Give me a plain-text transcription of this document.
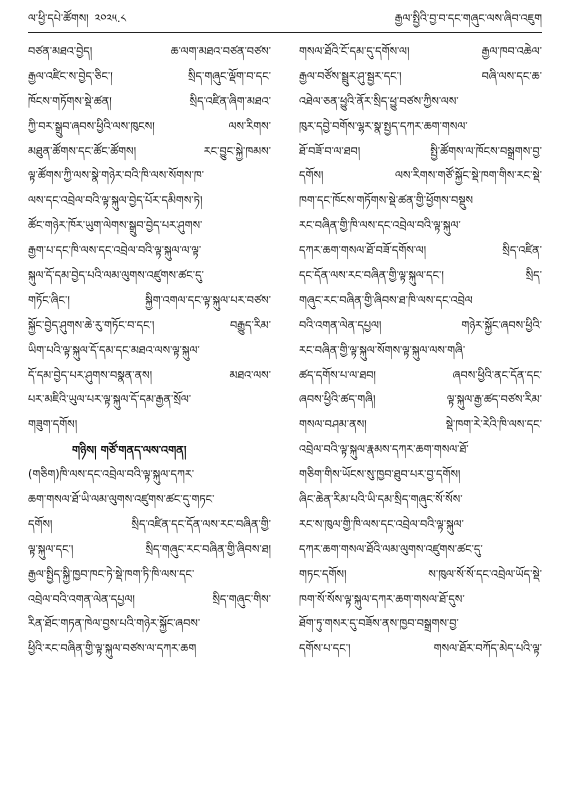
ལ་ཕྱི་དཔེ་ཚོགས། ༢༠༢༥.༨	རྒྱལ་སྤྱིའི་བྱ་བ་དང་གཞུང་ལས་ཞིབ་འཇུག
བཙན་མཐའ་བྱེད། ཆ་ལག་མཐའ་བཙན་བཙས་
རྒྱལ་འཛིང་ས་བྱེད་ཅིང་། སྲིད་གཞུང་ལྡོག་བ་དང་
ཁོངས་གཏོགས་སྡེ་ཚན། སྲིད་འཛིན་ཞིག་མཐའ་
ཀྱི་བར་སྒྲུབ་ཞབས་ཕྱིའི་ལས་ཁུངས། ལས་རིགས་
མཐུན་ཚོགས་དང་ཚོང་ཚོགས། རང་བྱུང་སྐྱེ་ཁམས་
ལྟ་ཚོགས་ཀྱི་ལས་སྣེ་གཉེར་བའི་ཁི་ལས་སོགས་ཁ་
ལས་དང་འབྲེལ་བའི་ལྟ་སྐུལ་བྱེད་པོར་དམིགས་ཏེ།
ཚོང་གཉེར་ཁོར་ཡུག་ལེགས་སྒྲུབ་བྱེད་པར་ཤུགས་
རྒྱག་པ་དང་ཁི་ལས་དང་འབྲེལ་བའི་ལྟ་སྐུལ་ལ་ལྟ་
སྐུལ་དོ་དམ་བྱེད་པའི་ལམ་ལུགས་འཛུགས་ཚང་དུ་
གཏོང་ཞིང་། སྐྱིག་འགལ་དང་ལྟ་སྐུལ་པར་བཙས་
སྐྱོང་བྱེད་ཤུགས་ཆེ་རུ་གཏོང་བ་དང་། བརྒྱུད་རིམ་
ཡིག་པའི་ལྟ་སྐུལ་དོ་དམ་དང་མཐའ་ལས་ལྟ་སྐུལ་
དོ་དམ་བྱེད་པར་ཤུགས་བསྣན་ནས། མཐའ་ལས་
པར་མཇིའི་ཡུལ་པར་ལྟ་སྐུལ་དོ་དམ་རྒྱན་སྲོལ་
གཟུག་དགོས།
གཉིས། གཙོ་གནད་ལས་འགན།
(གཅིག)ཁི་ལས་དང་འབྲེལ་བའི་ལྟ་སྐུལ་དཀར་
ཆག་གསལ་ཐོ་ཡི་ལམ་ལུགས་འཛུགས་ཚང་དུ་གཏང་
དགོས། སྲིད་འཛིན་དང་དོན་ལས་རང་བཞིན་གྱི་
ལྟ་སྐུལ་དང་། སྲིད་གཞུང་རང་བཞིན་གྱི་ཞིབས་ཐ།
རྒྱལ་སྤྱིད་སྐྱི་ཁྱབ་ཁང་ཏེ་སྡེ་ཁག་ཏི་ཁི་ལས་དང་
འབྲེལ་བའི་འགན་ལེན་དཔྱལ། སྲིད་གཞུང་གིས་
རིན་ཐོང་གཏན་ཁེལ་བྱས་པའི་གཉེར་སྐྱོང་ཞབས་
ཕྱིའི་རང་བཞིན་གྱི་ལྟ་སྐུལ་བཙས་ལ་དཀར་ཆག
གསལ་ཐོའི་ངོ་དམ་དུ་དགོས་ལ། རྒྱལ་ཁབ་འཆེལ་
རྒྱལ་བཙོས་སྦྲུར་ཤུ་སྦྱར་དང་། བཞི་ལས་དང་ཆ་
འཐེལ་ཅན་ཕྱུའི་ནོར་སྲིད་ཕྱུ་བཙས་ཀྱིས་ལས་
ཁུར་དབྱེ་བགོས་ལྷར་སྣ་སྤྱད་དཀར་ཆག་གསལ་
ཐོ་བཟོ་བ་ལ་ཐབ། སྤྱི་ཚོགས་ལ་ཁོངས་བསྒྲགས་བྱ་
དགོས། ལས་རིགས་གཙོ་སྐྱོང་སྡེ་ཁག་གིས་རང་སྡེ་
ཁག་དང་ཁོངས་གཏོགས་སྡེ་ཚན་གྱི་ཕྱོགས་བསྡུས
རང་བཞིན་གྱི་ཁི་ལས་དང་འབྲེལ་བའི་ལྟ་སྐུལ་
དཀར་ཆག་གསལ་ཐོ་བཟོ་དགོས་ལ། སྲིད་འཛིན་
དང་དོན་ལས་རང་བཞིན་གྱི་ལྟ་སྐུལ་དང་། སྲིད་
གཞུང་རང་བཞིན་གྱི་ཞིབས་ཐ་ཁི་ལས་དང་འབྲེལ
བའི་འགན་ལེན་དཔྱལ། གཉེར་སྐྱོང་ཞབས་ཕྱིའི་
རང་བཞིན་གྱི་ལྟ་སྐུལ་སོགས་ལྟ་སྐུལ་ལས་གཞི་
ཚད་དགོས་པ་ལ་ཐབ། ཞབས་ཕྱིའི་ནང་དོན་དང་
ཞབས་ཕྱིའི་ཚད་གཞི། ལྟ་སྐུལ་རྒྱ་ཚད་བཙས་རིམ་
གསལ་བཤམ་ནས། སྡེ་ཁག་རེ་རེའི་ཁི་ལས་དང་
འབྲེལ་བའི་ལྟ་སྐུལ་རྣམས་དཀར་ཆག་གསལ་ཐོ་
གཅིག་གིས་ཡོངས་སུ་ཁྱབ་ཐུབ་པར་བྱ་དགོས།
ཞིང་ཆེན་རིམ་པའི་ཡི་དམ་སྲིད་གཞུང་སོ་སོས་
རང་ས་ཁུལ་གྱི་ཁི་ལས་དང་འབྲེལ་བའི་ལྟ་སྐུལ་
དཀར་ཆག་གསལ་ཐོའི་ལམ་ལུགས་འཛུགས་ཚང་དུ་
གཏང་དགོས། ས་ཁུལ་སོ་སོ་དང་འབྲེལ་ཡོད་སྡེ་
ཁག་སོ་སོས་ལྟ་སྐུལ་དཀར་ཆག་གསལ་ཐོ་དུས་
ཐོག་ཏུ་གསར་དུ་བཟོས་ནས་ཁྱབ་བསྒྲགས་བྱ་
དགོས་པ་དང་། གསལ་ཐོར་བཀོད་མེད་པའི་ལྟ་
